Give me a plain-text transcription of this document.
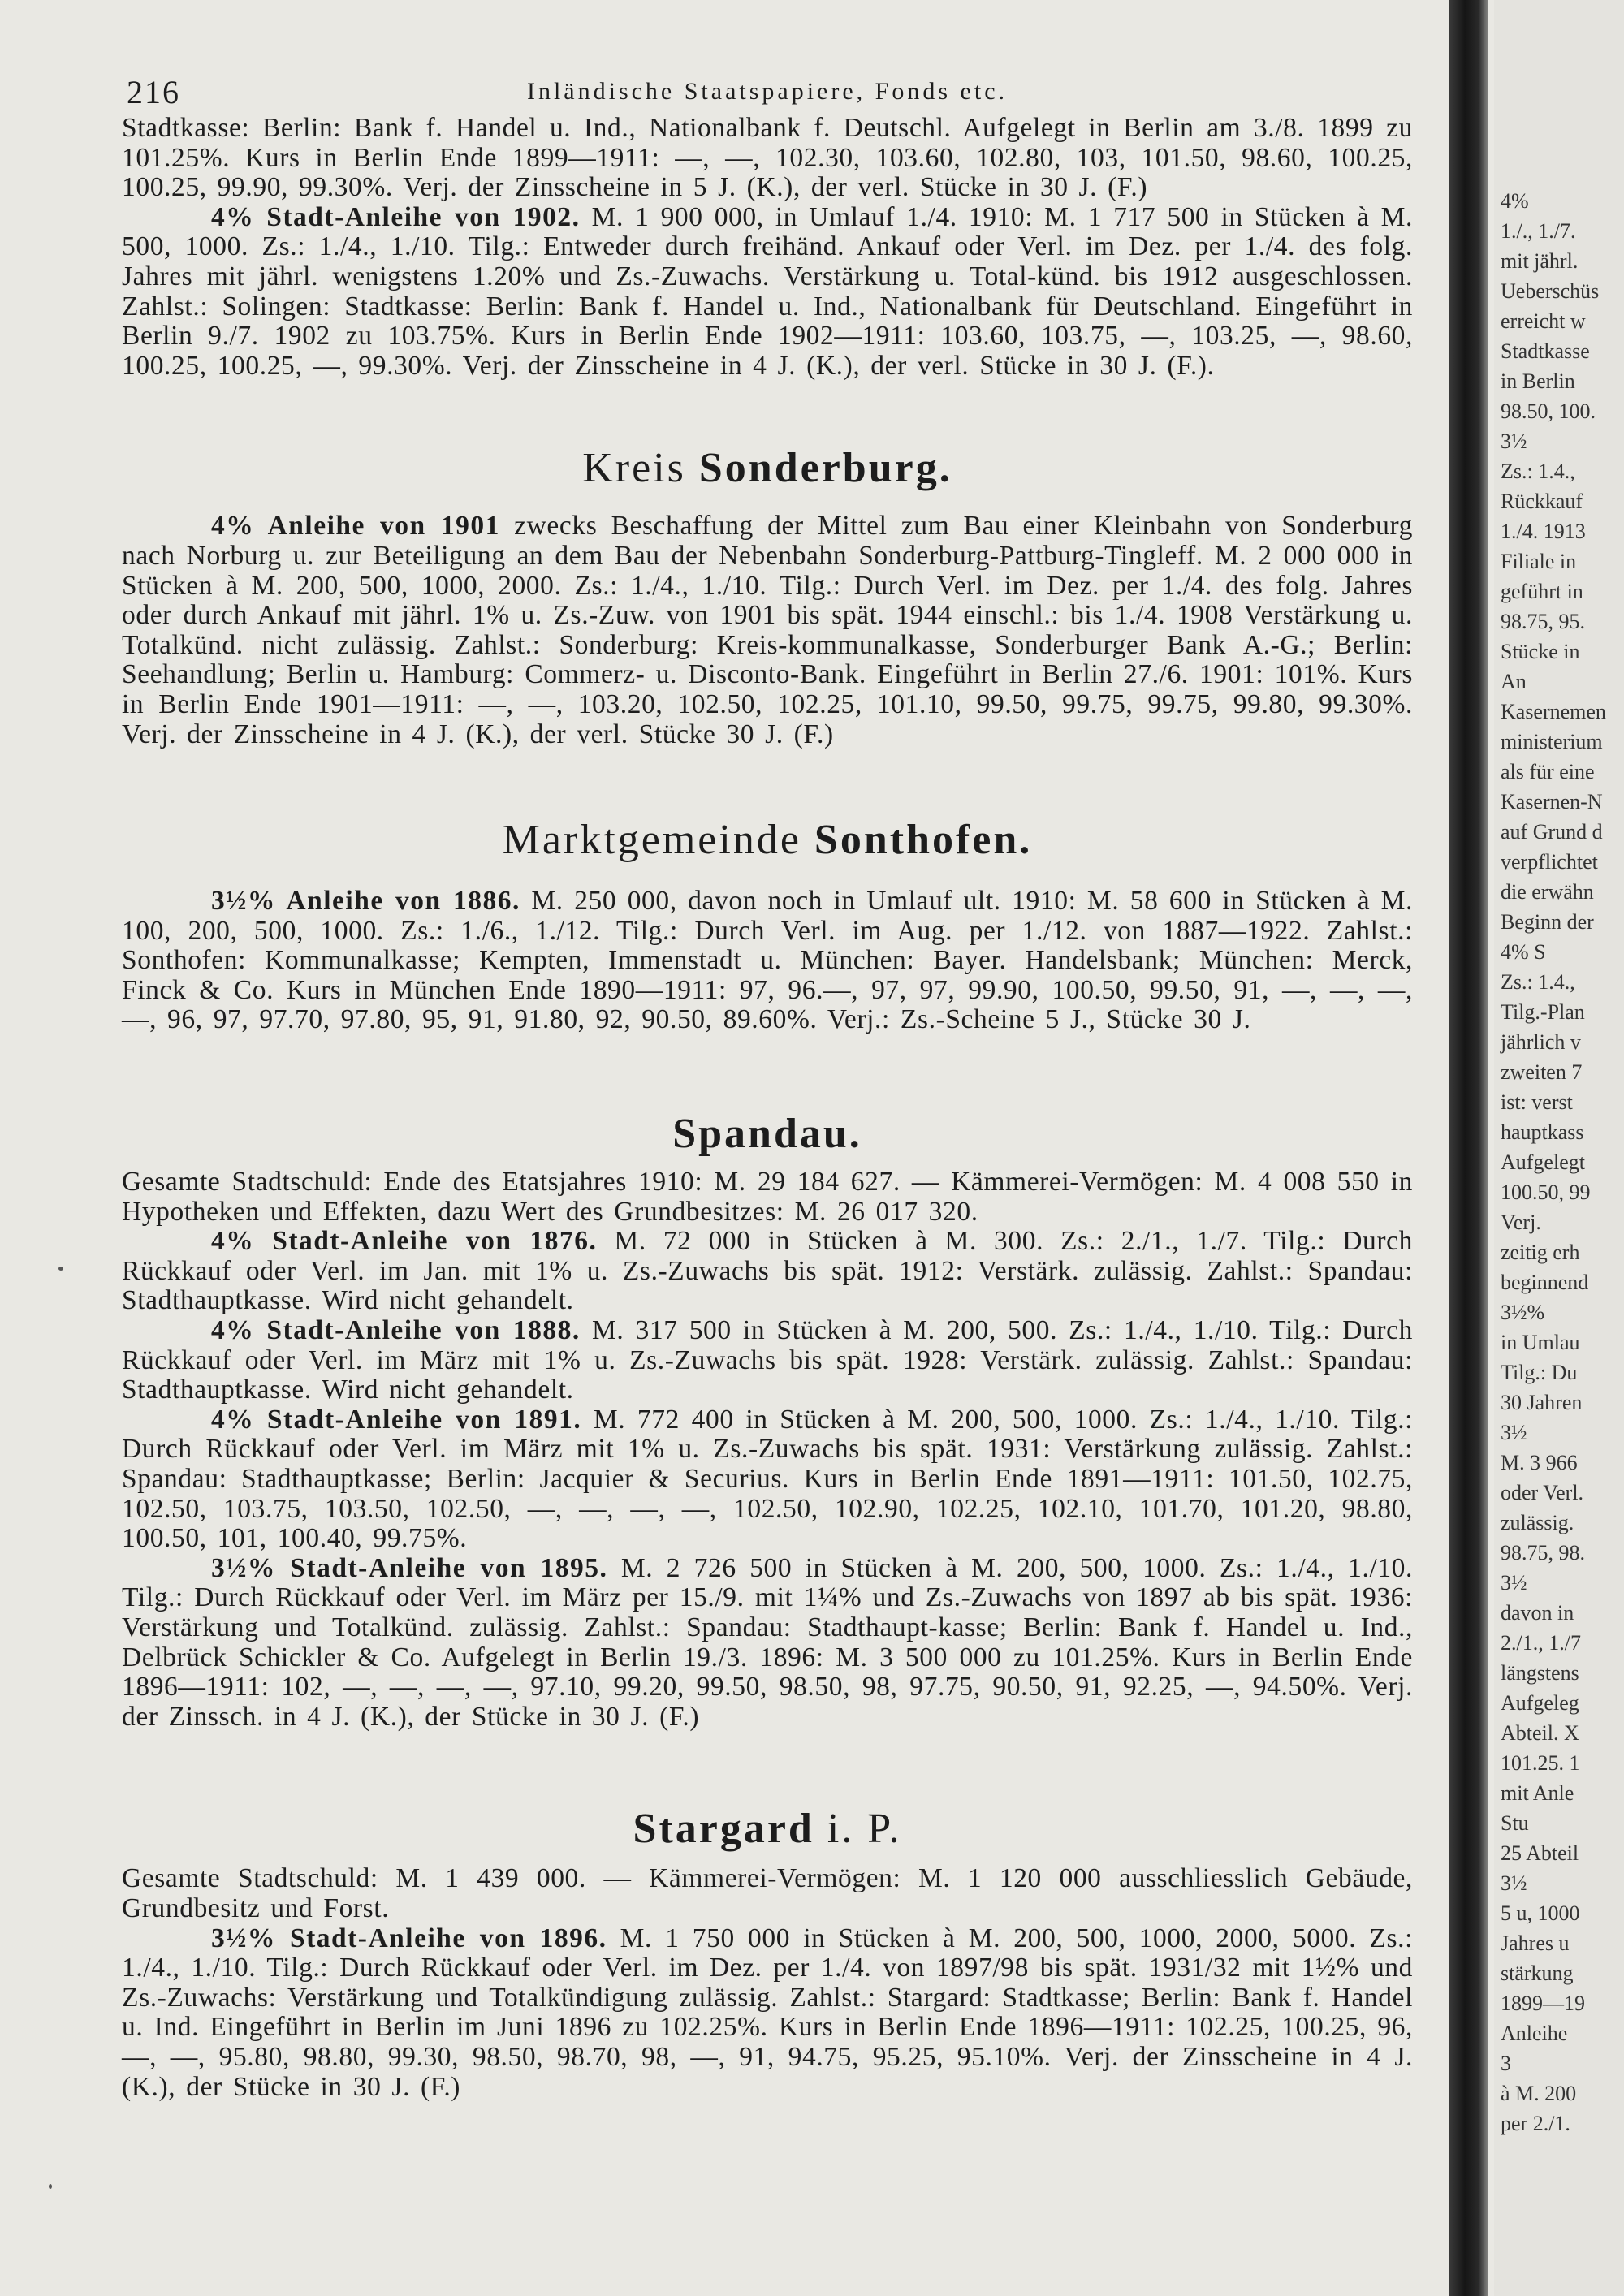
216	Inländische Staatspapiere, Fonds etc.

Stadtkasse: Berlin: Bank f. Handel u. Ind., Nationalbank f. Deutschl. Aufgelegt in Berlin am 3./8. 1899 zu 101.25%. Kurs in Berlin Ende 1899—1911: —, —, 102.30, 103.60, 102.80, 103, 101.50, 98.60, 100.25, 100.25, 99.90, 99.30%. Verj. der Zinsscheine in 5 J. (K.), der verl. Stücke in 30 J. (F.)

4% Stadt-Anleihe von 1902. M. 1 900 000, in Umlauf 1./4. 1910: M. 1 717 500 in Stücken à M. 500, 1000. Zs.: 1./4., 1./10. Tilg.: Entweder durch freihänd. Ankauf oder Verl. im Dez. per 1./4. des folg. Jahres mit jährl. wenigstens 1.20% und Zs.-Zuwachs. Verstärkung u. Total-künd. bis 1912 ausgeschlossen. Zahlst.: Solingen: Stadtkasse: Berlin: Bank f. Handel u. Ind., Nationalbank für Deutschland. Eingeführt in Berlin 9./7. 1902 zu 103.75%. Kurs in Berlin Ende 1902—1911: 103.60, 103.75, —, 103.25, —, 98.60, 100.25, 100.25, —, 99.30%. Verj. der Zinsscheine in 4 J. (K.), der verl. Stücke in 30 J. (F.).

Kreis Sonderburg.

4% Anleihe von 1901 zwecks Beschaffung der Mittel zum Bau einer Kleinbahn von Sonderburg nach Norburg u. zur Beteiligung an dem Bau der Nebenbahn Sonderburg-Pattburg-Tingleff. M. 2 000 000 in Stücken à M. 200, 500, 1000, 2000. Zs.: 1./4., 1./10. Tilg.: Durch Verl. im Dez. per 1./4. des folg. Jahres oder durch Ankauf mit jährl. 1% u. Zs.-Zuw. von 1901 bis spät. 1944 einschl.: bis 1./4. 1908 Verstärkung u. Totalkünd. nicht zulässig. Zahlst.: Sonderburg: Kreis-kommunalkasse, Sonderburger Bank A.-G.; Berlin: Seehandlung; Berlin u. Hamburg: Commerz- u. Disconto-Bank. Eingeführt in Berlin 27./6. 1901: 101%. Kurs in Berlin Ende 1901—1911: —, —, 103.20, 102.50, 102.25, 101.10, 99.50, 99.75, 99.75, 99.80, 99.30%. Verj. der Zinsscheine in 4 J. (K.), der verl. Stücke 30 J. (F.)

Marktgemeinde Sonthofen.

3½% Anleihe von 1886. M. 250 000, davon noch in Umlauf ult. 1910: M. 58 600 in Stücken à M. 100, 200, 500, 1000. Zs.: 1./6., 1./12. Tilg.: Durch Verl. im Aug. per 1./12. von 1887—1922. Zahlst.: Sonthofen: Kommunalkasse; Kempten, Immenstadt u. München: Bayer. Handelsbank; München: Merck, Finck & Co. Kurs in München Ende 1890—1911: 97, 96.—, 97, 97, 99.90, 100.50, 99.50, 91, —, —, —, —, 96, 97, 97.70, 97.80, 95, 91, 91.80, 92, 90.50, 89.60%. Verj.: Zs.-Scheine 5 J., Stücke 30 J.

Spandau.

Gesamte Stadtschuld: Ende des Etatsjahres 1910: M. 29 184 627. — Kämmerei-Vermögen: M. 4 008 550 in Hypotheken und Effekten, dazu Wert des Grundbesitzes: M. 26 017 320.

4% Stadt-Anleihe von 1876. M. 72 000 in Stücken à M. 300. Zs.: 2./1., 1./7. Tilg.: Durch Rückkauf oder Verl. im Jan. mit 1% u. Zs.-Zuwachs bis spät. 1912: Verstärk. zulässig. Zahlst.: Spandau: Stadthauptkasse. Wird nicht gehandelt.

4% Stadt-Anleihe von 1888. M. 317 500 in Stücken à M. 200, 500. Zs.: 1./4., 1./10. Tilg.: Durch Rückkauf oder Verl. im März mit 1% u. Zs.-Zuwachs bis spät. 1928: Verstärk. zulässig. Zahlst.: Spandau: Stadthauptkasse. Wird nicht gehandelt.

4% Stadt-Anleihe von 1891. M. 772 400 in Stücken à M. 200, 500, 1000. Zs.: 1./4., 1./10. Tilg.: Durch Rückkauf oder Verl. im März mit 1% u. Zs.-Zuwachs bis spät. 1931: Verstärkung zulässig. Zahlst.: Spandau: Stadthauptkasse; Berlin: Jacquier & Securius. Kurs in Berlin Ende 1891—1911: 101.50, 102.75, 102.50, 103.75, 103.50, 102.50, —, —, —, —, 102.50, 102.90, 102.25, 102.10, 101.70, 101.20, 98.80, 100.50, 101, 100.40, 99.75%.

3½% Stadt-Anleihe von 1895. M. 2 726 500 in Stücken à M. 200, 500, 1000. Zs.: 1./4., 1./10. Tilg.: Durch Rückkauf oder Verl. im März per 15./9. mit 1¼% und Zs.-Zuwachs von 1897 ab bis spät. 1936: Verstärkung und Totalkünd. zulässig. Zahlst.: Spandau: Stadthaupt-kasse; Berlin: Bank f. Handel u. Ind., Delbrück Schickler & Co. Aufgelegt in Berlin 19./3. 1896: M. 3 500 000 zu 101.25%. Kurs in Berlin Ende 1896—1911: 102, —, —, —, —, 97.10, 99.20, 99.50, 98.50, 98, 97.75, 90.50, 91, 92.25, —, 94.50%. Verj. der Zinssch. in 4 J. (K.), der Stücke in 30 J. (F.)

Stargard i. P.

Gesamte Stadtschuld: M. 1 439 000. — Kämmerei-Vermögen: M. 1 120 000 ausschliesslich Gebäude, Grundbesitz und Forst.

3½% Stadt-Anleihe von 1896. M. 1 750 000 in Stücken à M. 200, 500, 1000, 2000, 5000. Zs.: 1./4., 1./10. Tilg.: Durch Rückkauf oder Verl. im Dez. per 1./4. von 1897/98 bis spät. 1931/32 mit 1½% und Zs.-Zuwachs: Verstärkung und Totalkündigung zulässig. Zahlst.: Stargard: Stadtkasse; Berlin: Bank f. Handel u. Ind. Eingeführt in Berlin im Juni 1896 zu 102.25%. Kurs in Berlin Ende 1896—1911: 102.25, 100.25, 96, —, —, 95.80, 98.80, 99.30, 98.50, 98.70, 98, —, 91, 94.75, 95.25, 95.10%. Verj. der Zinsscheine in 4 J. (K.), der Stücke in 30 J. (F.)

4%

1./., 1./7.

mit jährl.

Ueberschüs

erreicht w

Stadtkasse

in Berlin

98.50, 100.

3½

Zs.: 1.4.,

Rückkauf

1./4. 1913

Filiale in

geführt in

98.75, 95.

Stücke in

An

Kasernemen

ministerium

als für eine

Kasernen-N

auf Grund d

verpflichtet

die erwähn

Beginn der

4% S

Zs.: 1.4.,

Tilg.-Plan

jährlich v

zweiten 7

ist: verst

hauptkass

Aufgelegt

100.50, 99

Verj.

zeitig erh

beginnend

3½%

in Umlau

Tilg.: Du

30 Jahren

3½

M. 3 966

oder Verl.

zulässig.

98.75, 98.

3½

davon in

2./1., 1./7

längstens

Aufgeleg

Abteil. X

101.25. 1

mit Anle

Stu

25 Abteil

3½

5 u, 1000

Jahres u

stärkung

1899—19

Anleihe

3

à M. 200

per 2./1.
